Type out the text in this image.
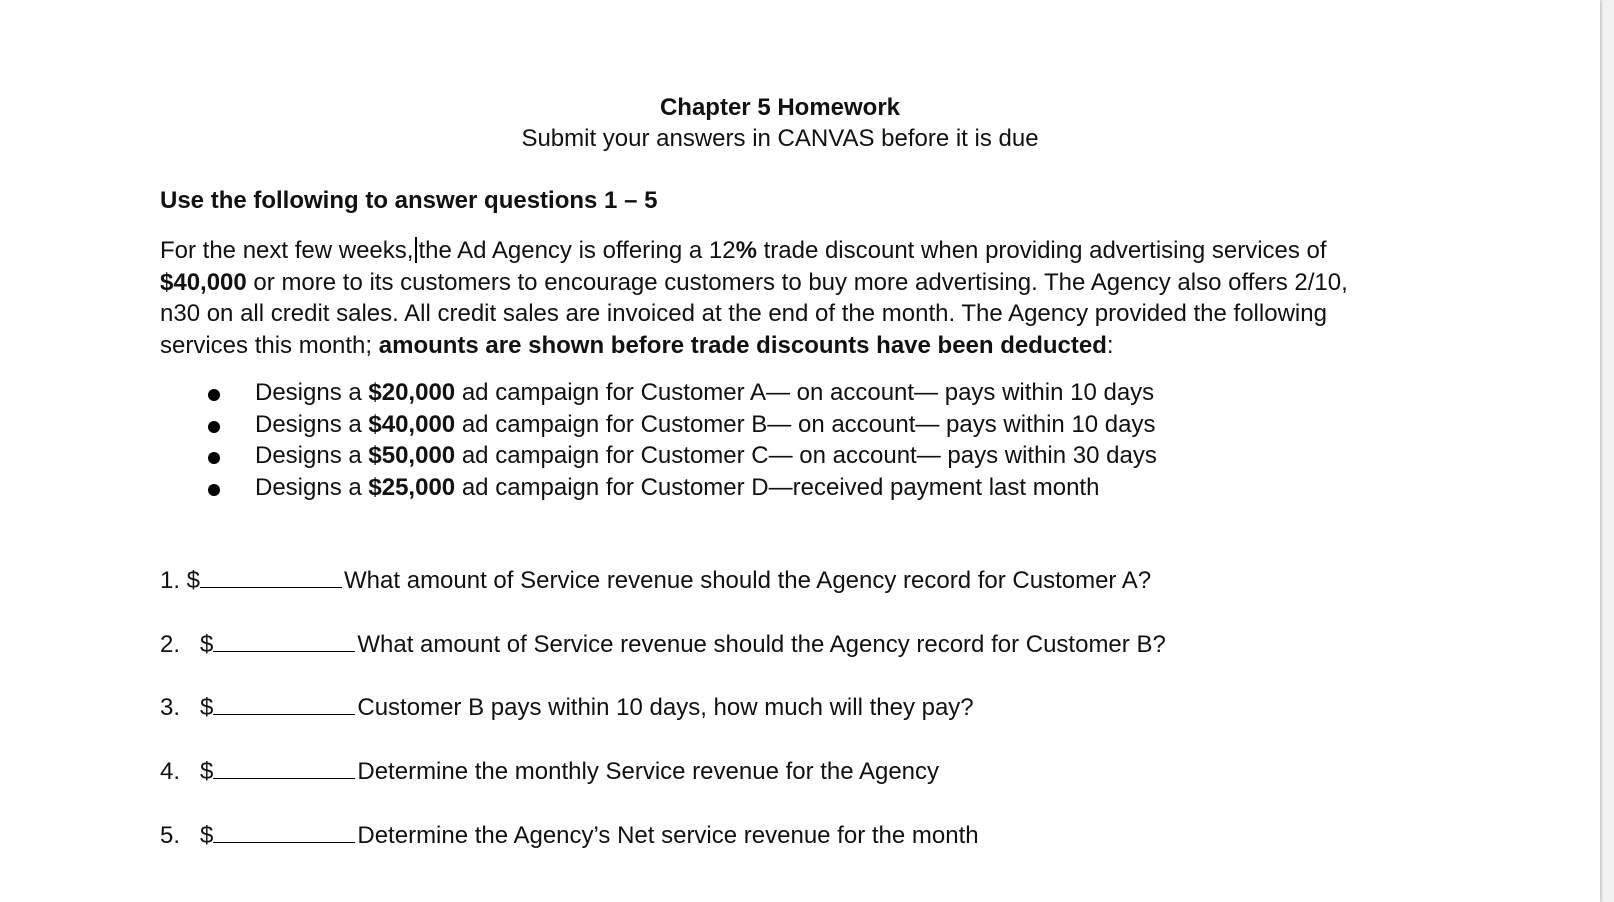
Chapter 5 Homework
Submit your answers in CANVAS before it is due
Use the following to answer questions 1 – 5
For the next few weeks, the Ad Agency is offering a 12% trade discount when providing advertising services of $40,000 or more to its customers to encourage customers to buy more advertising. The Agency also offers 2/10, n30 on all credit sales. All credit sales are invoiced at the end of the month. The Agency provided the following services this month; amounts are shown before trade discounts have been deducted:
Designs a $20,000 ad campaign for Customer A— on account— pays within 10 days
Designs a $40,000 ad campaign for Customer B— on account— pays within 10 days
Designs a $50,000 ad campaign for Customer C— on account— pays within 30 days
Designs a $25,000 ad campaign for Customer D—received payment last month
1. $	What amount of Service revenue should the Agency record for Customer A?
2.   $	What amount of Service revenue should the Agency record for Customer B?
3.   $	Customer B pays within 10 days, how much will they pay?
4.   $	Determine the monthly Service revenue for the Agency
5.   $	Determine the Agency’s Net service revenue for the month
